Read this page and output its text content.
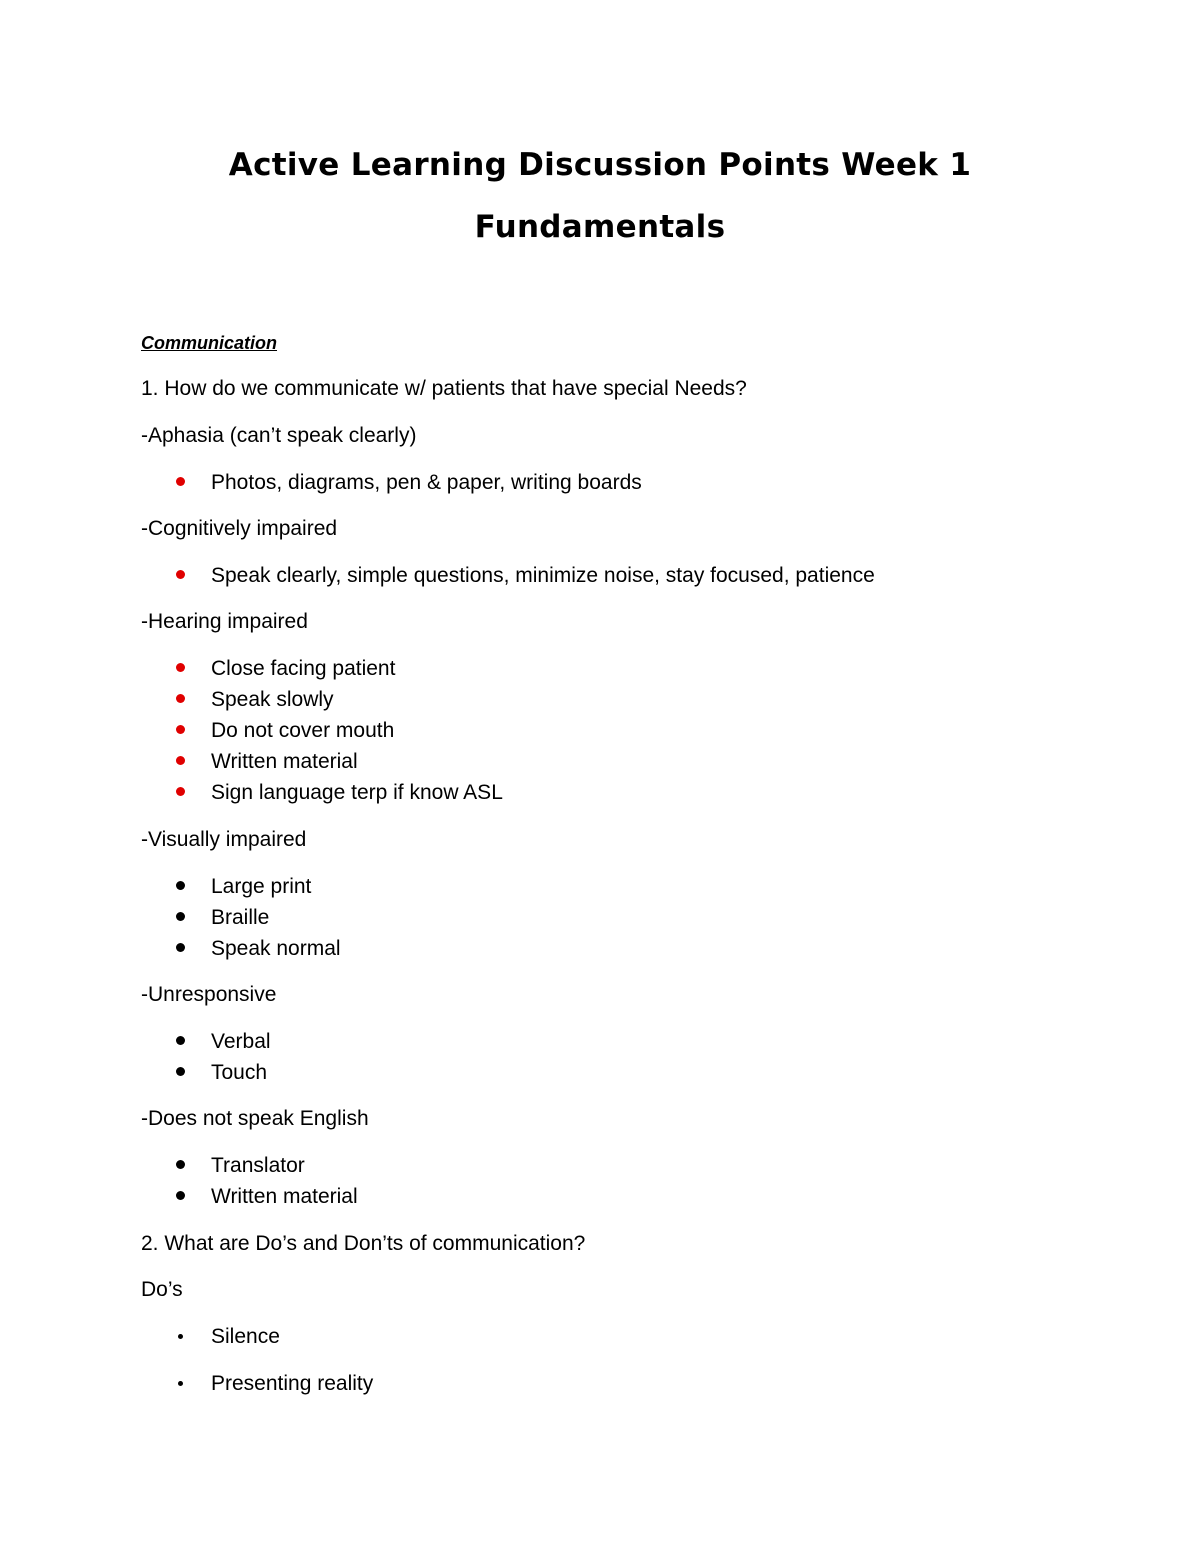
Active Learning Discussion Points Week 1
Fundamentals
Communication
1. How do we communicate w/ patients that have special Needs?
-Aphasia (can’t speak clearly)
Photos, diagrams, pen & paper, writing boards
-Cognitively impaired
Speak clearly, simple questions, minimize noise, stay focused, patience
-Hearing impaired
Close facing patient
Speak slowly
Do not cover mouth
Written material
Sign language terp if know ASL
-Visually impaired
Large print
Braille
Speak normal
-Unresponsive
Verbal
Touch
-Does not speak English
Translator
Written material
2. What are Do’s and Don’ts of communication?
Do’s
Silence
Presenting reality
